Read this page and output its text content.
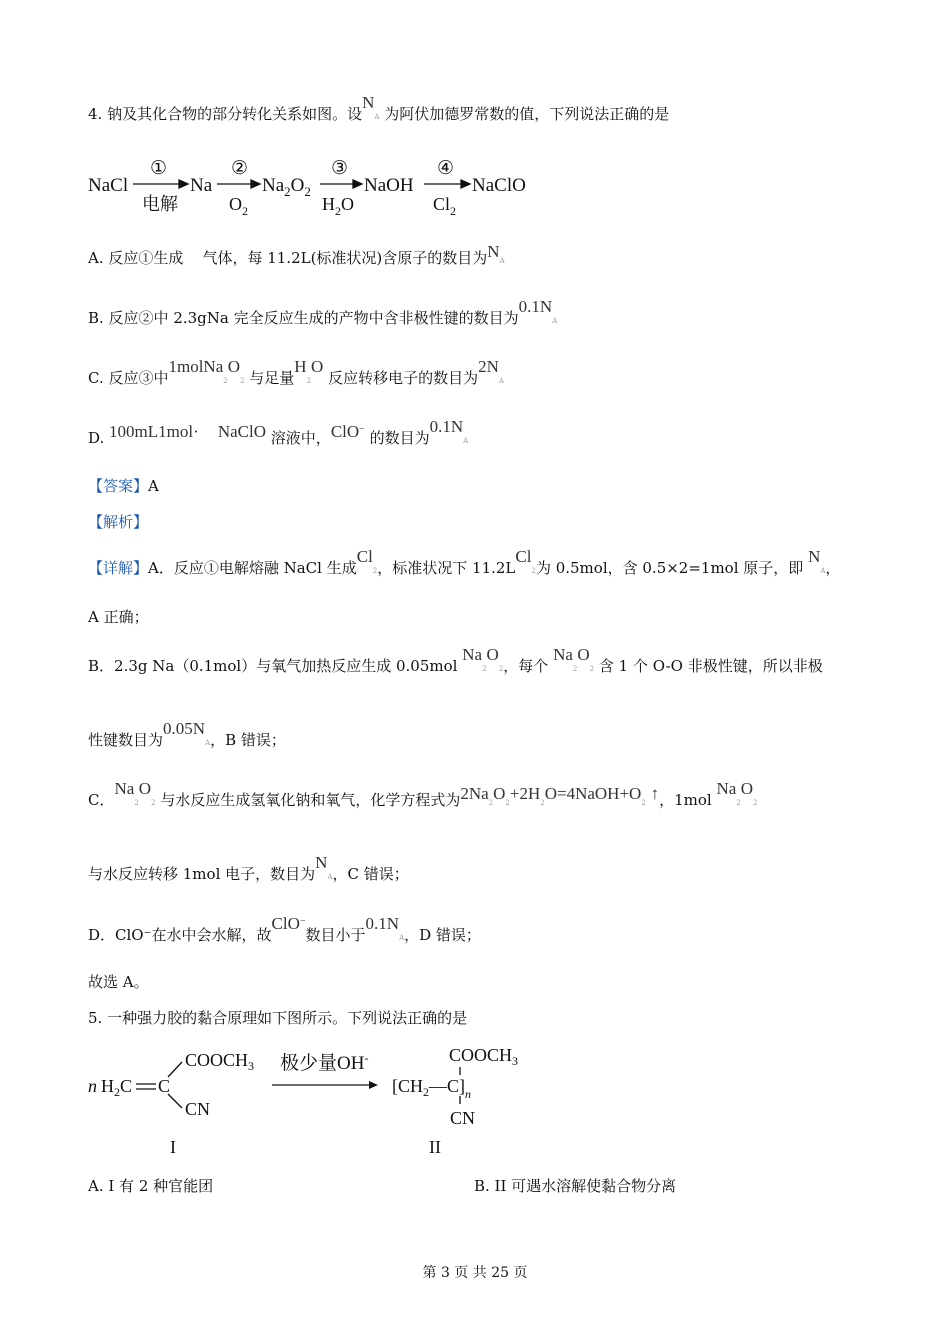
4. 钠及其化合物的部分转化关系如图。设NA 为阿伏加德罗常数的值，下列说法正确的是
NaCl	Na	$Na_2O_2$	NaOH	NaClO
①	②	③	④
电解	$O_2$	$H_2O$	$Cl_2$
A. 反应①生成 气体，每 11.2L(标准状况)含原子的数目为NA
B. 反应②中 2.3gNa 完全反应生成的产物中含非极性键的数目为0.1NA
C. 反应③中1molNa2O2 与足量H2O 反应转移电子的数目为2NA
D. 100mL1mol· NaClO 溶液中，ClO− 的数目为0.1NA
【答案】A
【解析】
【详解】A．反应①电解熔融 NaCl 生成Cl2，标准状况下 11.2LCl2为 0.5mol，含 0.5×2=1mol 原子，即 NA，
A 正确；
B．2.3g Na（0.1mol）与氧气加热反应生成 0.05mol Na2O2，每个 Na2O2 含 1 个 O-O 非极性键，所以非极
性键数目为0.05NA，B 错误；
C．Na2O2 与水反应生成氢氧化钠和氧气，化学方程式为2Na2O2+2H2O=4NaOH+O2 ↑，1mol Na2O2
与水反应转移 1mol 电子，数目为NA，C 错误；
D．ClO⁻在水中会水解，故ClO−数目小于0.1NA，D 错误；
故选 A。
5. 一种强力胶的黏合原理如下图所示。下列说法正确的是
n $H_2C$ C
$COOCH_3$
CN
极少量OH-	$COOCH_3$
$[CH_2—C]_n$
CN
I	II
A. I 有 2 种官能团	B. II 可遇水溶解使黏合物分离
第 3 页 共 25 页
